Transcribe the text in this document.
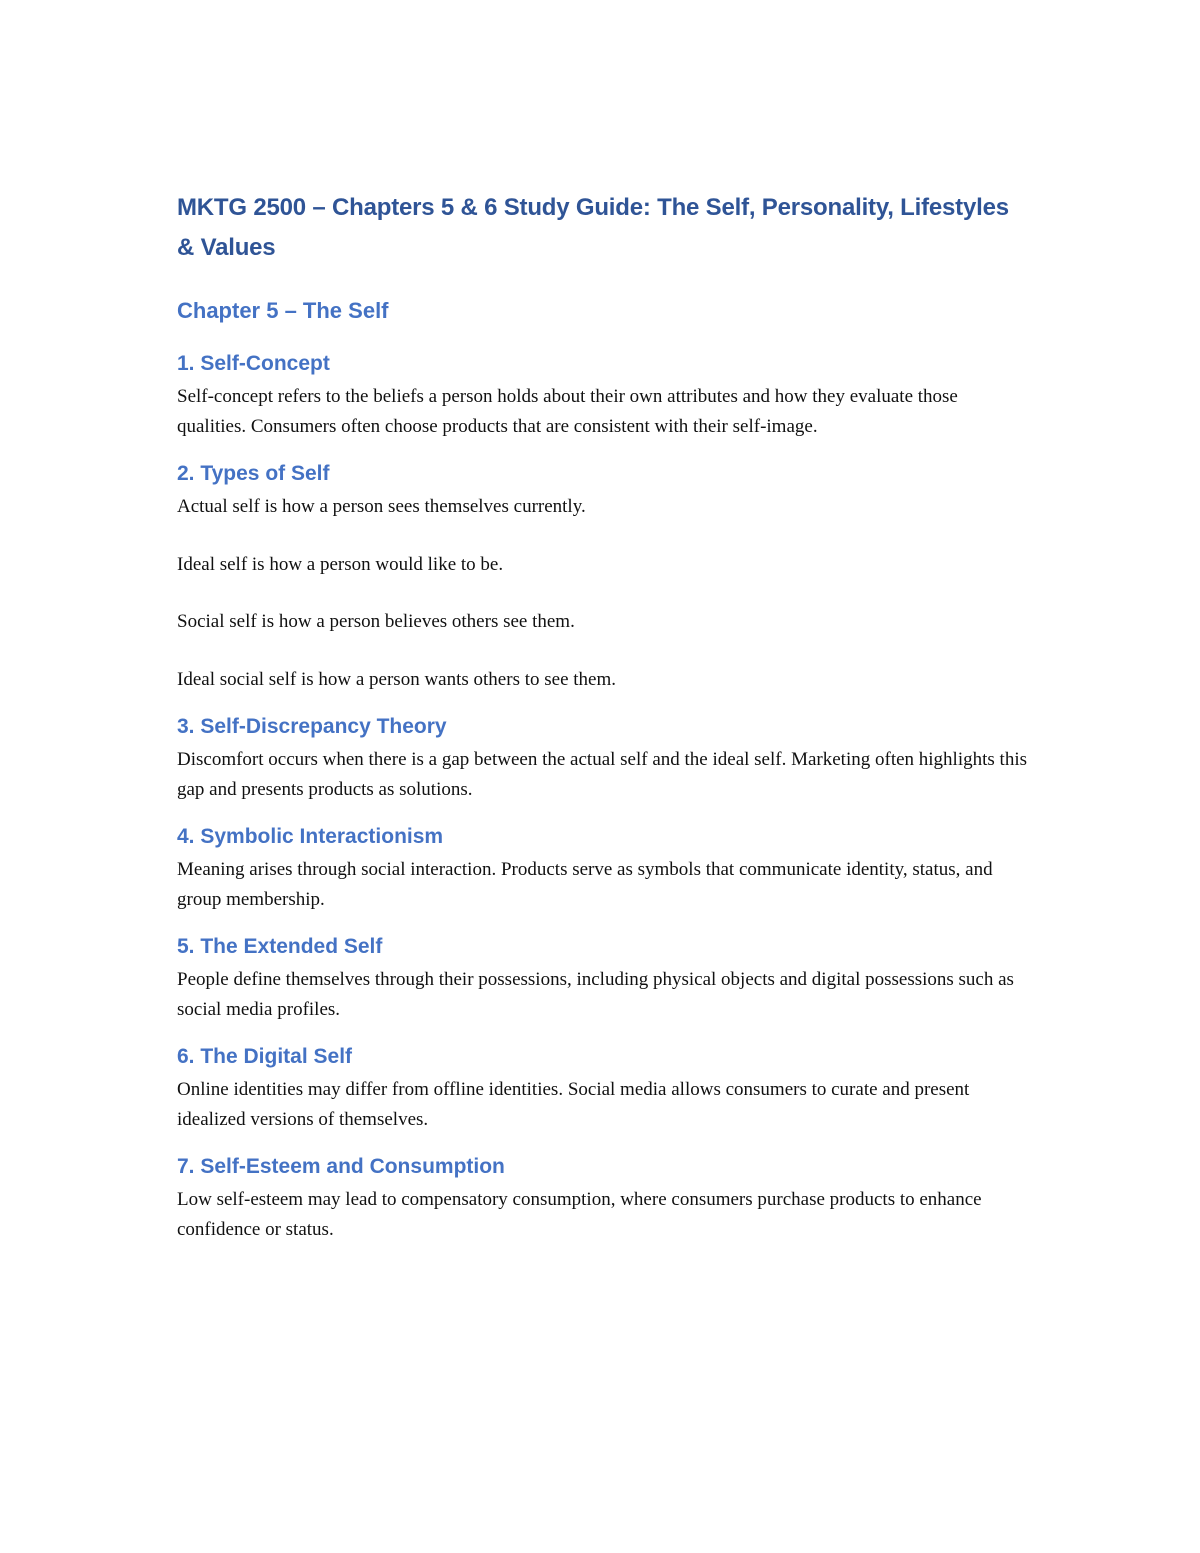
MKTG 2500 – Chapters 5 & 6 Study Guide: The Self, Personality, Lifestyles & Values
Chapter 5 – The Self
1. Self-Concept

Self-concept refers to the beliefs a person holds about their own attributes and how they evaluate those qualities. Consumers often choose products that are consistent with their self-image.

2. Types of Self

Actual self is how a person sees themselves currently.

Ideal self is how a person would like to be.

Social self is how a person believes others see them.

Ideal social self is how a person wants others to see them.

3. Self-Discrepancy Theory

Discomfort occurs when there is a gap between the actual self and the ideal self. Marketing often highlights this gap and presents products as solutions.

4. Symbolic Interactionism

Meaning arises through social interaction. Products serve as symbols that communicate identity, status, and group membership.

5. The Extended Self

People define themselves through their possessions, including physical objects and digital possessions such as social media profiles.

6. The Digital Self

Online identities may differ from offline identities. Social media allows consumers to curate and present idealized versions of themselves.

7. Self-Esteem and Consumption

Low self-esteem may lead to compensatory consumption, where consumers purchase products to enhance confidence or status.
